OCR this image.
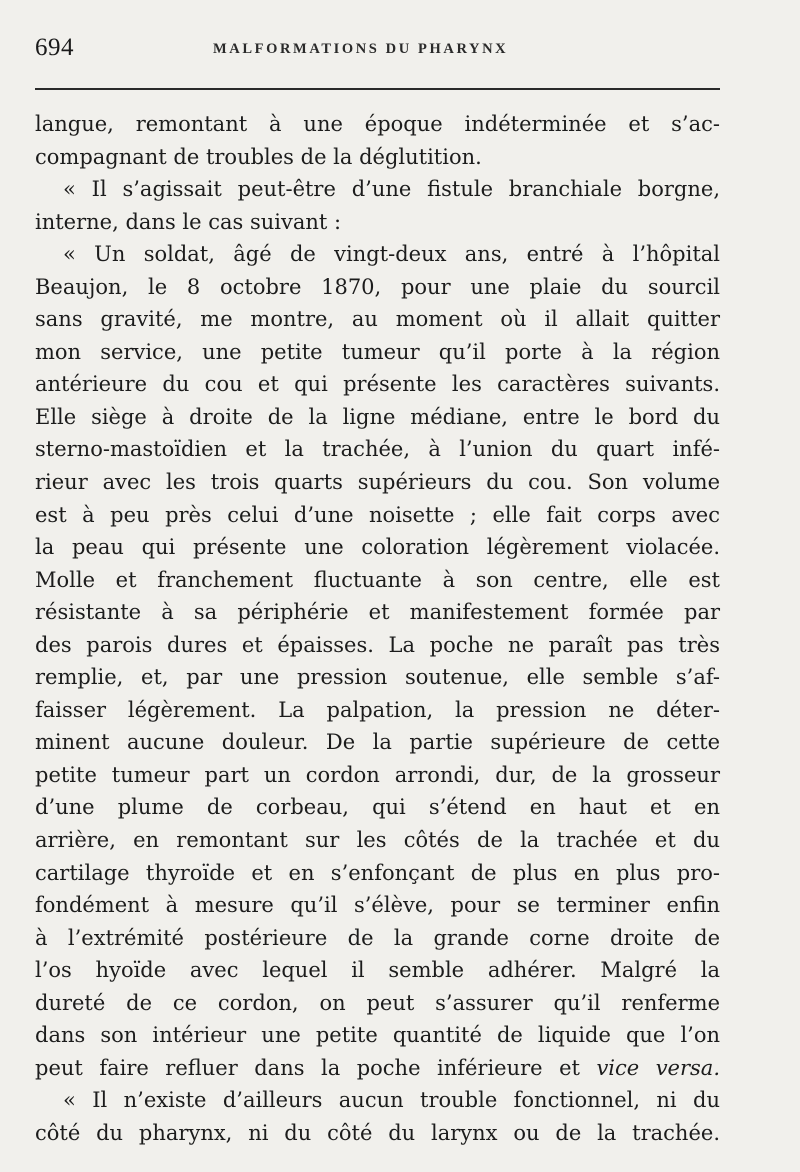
694	MALFORMATIONS DU PHARYNX
langue, remontant à une époque indéterminée et s’ac-
compagnant de troubles de la déglutition.
« Il s’agissait peut-être d’une fistule branchiale borgne,
interne, dans le cas suivant :
« Un soldat, âgé de vingt-deux ans, entré à l’hôpital
Beaujon, le 8 octobre 1870, pour une plaie du sourcil
sans gravité, me montre, au moment où il allait quitter
mon service, une petite tumeur qu’il porte à la région
antérieure du cou et qui présente les caractères suivants.
Elle siège à droite de la ligne médiane, entre le bord du
sterno-mastoïdien et la trachée, à l’union du quart infé-
rieur avec les trois quarts supérieurs du cou. Son volume
est à peu près celui d’une noisette ; elle fait corps avec
la peau qui présente une coloration légèrement violacée.
Molle et franchement fluctuante à son centre, elle est
résistante à sa périphérie et manifestement formée par
des parois dures et épaisses. La poche ne paraît pas très
remplie, et, par une pression soutenue, elle semble s’af-
faisser légèrement. La palpation, la pression ne déter-
minent aucune douleur. De la partie supérieure de cette
petite tumeur part un cordon arrondi, dur, de la grosseur
d’une plume de corbeau, qui s’étend en haut et en
arrière, en remontant sur les côtés de la trachée et du
cartilage thyroïde et en s’enfonçant de plus en plus pro-
fondément à mesure qu’il s’élève, pour se terminer enfin
à l’extrémité postérieure de la grande corne droite de
l’os hyoïde avec lequel il semble adhérer. Malgré la
dureté de ce cordon, on peut s’assurer qu’il renferme
dans son intérieur une petite quantité de liquide que l’on
peut faire refluer dans la poche inférieure et vice versa.
« Il n’existe d’ailleurs aucun trouble fonctionnel, ni du
côté du pharynx, ni du côté du larynx ou de la trachée.
